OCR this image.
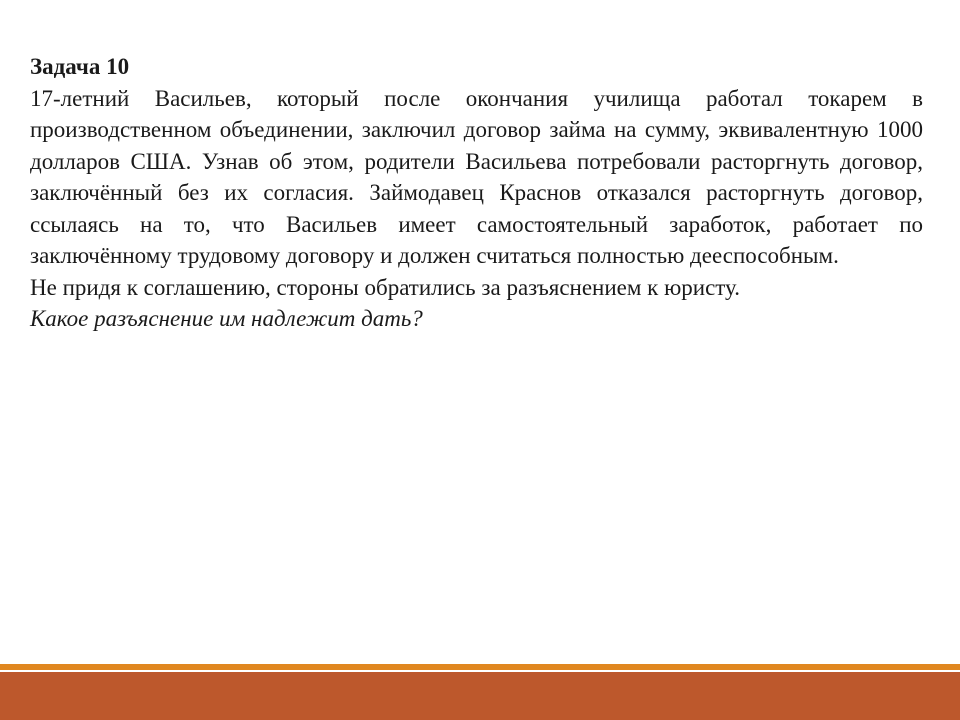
Задача 10

17-летний Васильев, который после окончания училища работал токарем в производственном объединении, заключил договор займа на сумму, эквивалентную 1000 долларов США. Узнав об этом, родители Васильева потребовали расторгнуть договор, заключённый без их согласия. Займодавец Краснов отказался расторгнуть договор, ссылаясь на то, что Васильев имеет самостоятельный заработок, работает по заключённому трудовому договору и должен считаться полностью дееспособным.

Не придя к соглашению, стороны обратились за разъяснением к юристу.

Какое разъяснение им надлежит дать?
